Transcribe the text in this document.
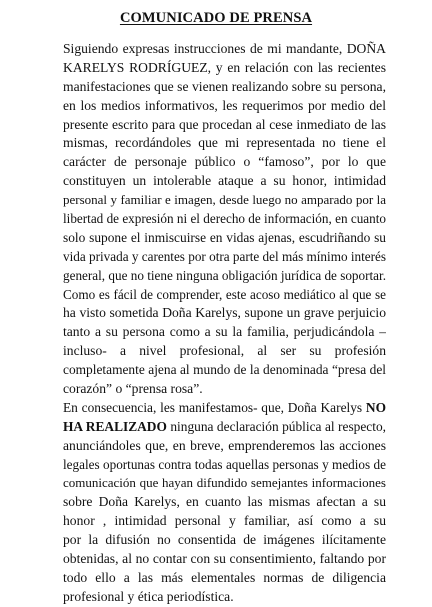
COMUNICADO DE PRENSA
Siguiendo expresas instrucciones de mi mandante, DOÑA
KARELYS RODRÍGUEZ, y en relación con las recientes
manifestaciones que se vienen realizando sobre su persona,
en los medios informativos, les requerimos por medio del
presente escrito para que procedan al cese inmediato de las
mismas, recordándoles que mi representada no tiene el
carácter de personaje público o “famoso”, por lo que
constituyen un intolerable ataque a su honor, intimidad
personal y familiar e imagen, desde luego no amparado por la
libertad de expresión ni el derecho de información, en cuanto
solo supone el inmiscuirse en vidas ajenas, escudriñando su
vida privada y carentes por otra parte del más mínimo interés
general, que no tiene ninguna obligación jurídica de soportar.
Como es fácil de comprender, este acoso mediático al que se
ha visto sometida Doña Karelys, supone un grave perjuicio
tanto a su persona como a su la familia, perjudicándola –
incluso- a nivel profesional, al ser su profesión
completamente ajena al mundo de la denominada “presa del
corazón” o “prensa rosa”.
En consecuencia, les manifestamos- que, Doña Karelys NO
HA REALIZADO ninguna declaración pública al respecto,
anunciándoles que, en breve, emprenderemos las acciones
legales oportunas contra todas aquellas personas y medios de
comunicación que hayan difundido semejantes informaciones
sobre Doña Karelys, en cuanto las mismas afectan a su
honor , intimidad personal y familiar, así como a su
por la difusión no consentida de imágenes ilícitamente
obtenidas, al no contar con su consentimiento, faltando por
todo ello a las más elementales normas de diligencia
profesional y ética periodística.
